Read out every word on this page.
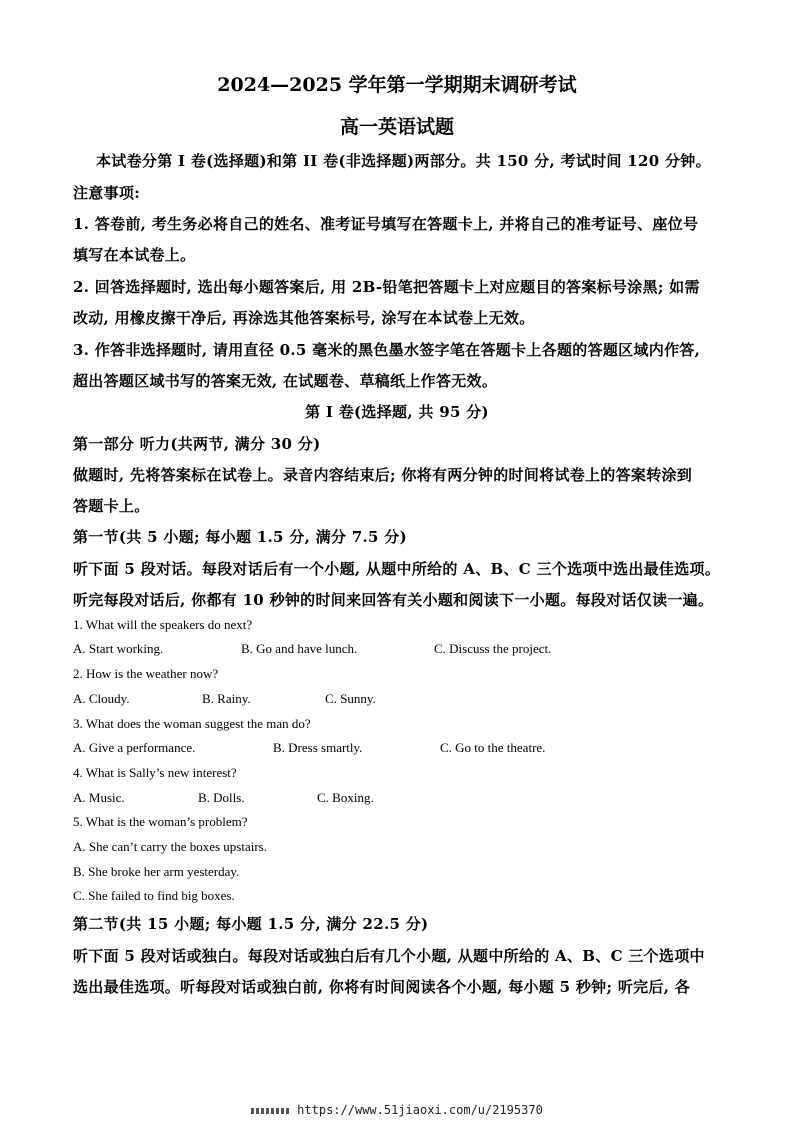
2024—2025 学年第一学期期末调研考试
高一英语试题
本试卷分第 I 卷(选择题)和第 II 卷(非选择题)两部分。共 150 分, 考试时间 120 分钟。
注意事项:
1. 答卷前, 考生务必将自己的姓名、准考证号填写在答题卡上, 并将自己的准考证号、座位号
填写在本试卷上。
2. 回答选择题时, 选出每小题答案后, 用 2B-铅笔把答题卡上对应题目的答案标号涂黑; 如需
改动, 用橡皮擦干净后, 再涂选其他答案标号, 涂写在本试卷上无效。
3. 作答非选择题时, 请用直径 0.5 毫米的黑色墨水签字笔在答题卡上各题的答题区域内作答,
超出答题区域书写的答案无效, 在试题卷、草稿纸上作答无效。
第 I 卷(选择题, 共 95 分)
第一部分 听力(共两节, 满分 30 分)
做题时, 先将答案标在试卷上。录音内容结束后; 你将有两分钟的时间将试卷上的答案转涂到
答题卡上。
第一节(共 5 小题; 每小题 1.5 分, 满分 7.5 分)
听下面 5 段对话。每段对话后有一个小题, 从题中所给的 A、B、C 三个选项中选出最佳选项。
听完每段对话后, 你都有 10 秒钟的时间来回答有关小题和阅读下一小题。每段对话仅读一遍。
1. What will the speakers do next?
A. Start working.	B. Go and have lunch.	C. Discuss the project.
2. How is the weather now?
A. Cloudy.	B. Rainy.	C. Sunny.
3. What does the woman suggest the man do?
A. Give a performance.	B. Dress smartly.	C. Go to the theatre.
4. What is Sally’s new interest?
A. Music.	B. Dolls.	C. Boxing.
5. What is the woman’s problem?
A. She can’t carry the boxes upstairs.
B. She broke her arm yesterday.
C. She failed to find big boxes.
第二节(共 15 小题; 每小题 1.5 分, 满分 22.5 分)
听下面 5 段对话或独白。每段对话或独白后有几个小题, 从题中所给的 A、B、C 三个选项中
选出最佳选项。听每段对话或独白前, 你将有时间阅读各个小题, 每小题 5 秒钟; 听完后, 各
https://www.51jiaoxi.com/u/2195370
